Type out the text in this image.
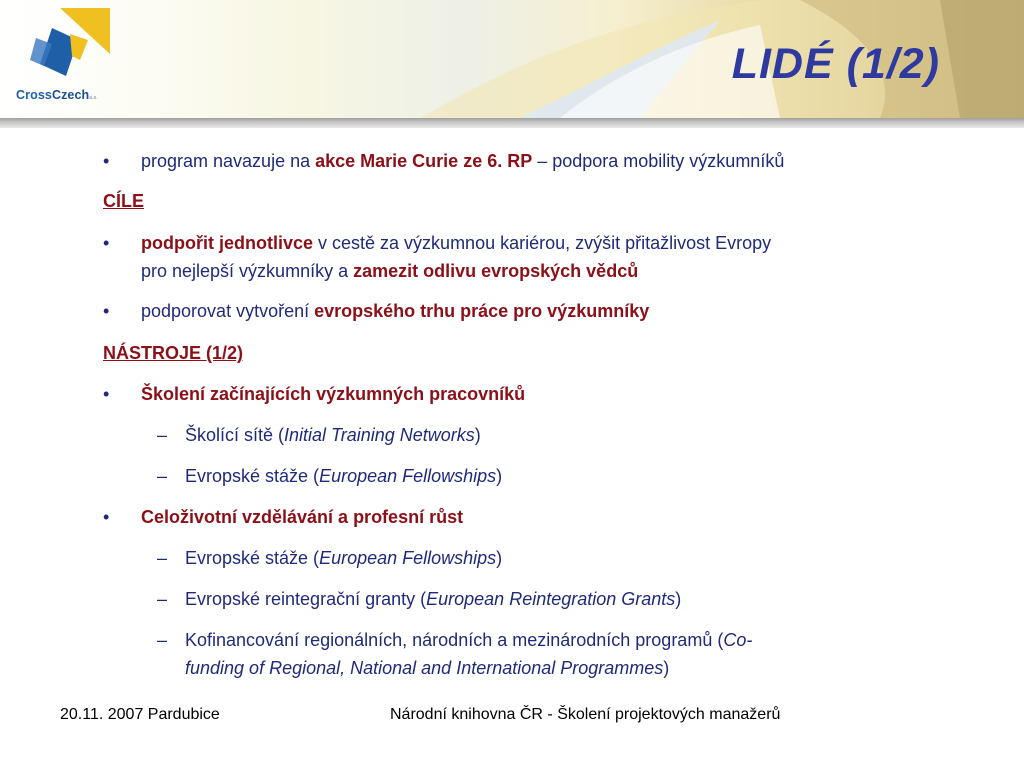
CrossCzecha.s.
LIDÉ (1/2)
•	program navazuje na akce Marie Curie ze 6. RP – podpora mobility výzkumníků
CÍLE
•	podpořit jednotlivce v cestě za výzkumnou kariérou, zvýšit přitažlivost Evropy
pro nejlepší výzkumníky a zamezit odlivu evropských vědců
•	podporovat vytvoření evropského trhu práce pro výzkumníky
NÁSTROJE (1/2)
•	Školení začínajících výzkumných pracovníků
– Školící sítě (Initial Training Networks)
– Evropské stáže (European Fellowships)
•	Celoživotní vzdělávání a profesní růst
– Evropské stáže (European Fellowships)
– Evropské reintegrační granty (European Reintegration Grants)
– Kofinancování regionálních, národních a mezinárodních programů (Co-
funding of Regional, National and International Programmes)
20.11. 2007 Pardubice	Národní knihovna ČR - Školení projektových manažerů
